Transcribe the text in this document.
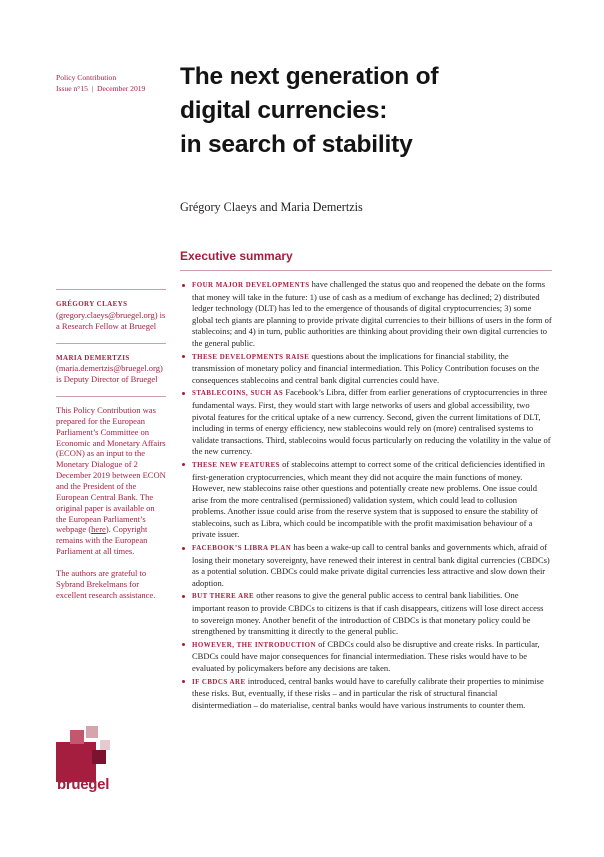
Policy Contribution
Issue n°15  |  December 2019 The next generation of
digital currencies:
in search of stability
Grégory Claeys and Maria Demertzis
Executive summary

GRÉGORY CLAEYS (gregory.claeys@bruegel.org) is a Research Fellow at Bruegel

MARIA DEMERTZIS (maria.demertzis@bruegel.org) is Deputy Director of Bruegel

This Policy Contribution was prepared for the European Parliament’s Committee on Economic and Monetary Affairs (ECON) as an input to the Monetary Dialogue of 2 December 2019 between ECON and the President of the European Central Bank. The original paper is available on the European Parliament’s webpage (here). Copyright remains with the European Parliament at all times.

The authors are grateful to Sybrand Brekelmans for excellent research assistance.

FOUR MAJOR DEVELOPMENTS have challenged the status quo and reopened the debate on the forms that money will take in the future: 1) use of cash as a medium of exchange has declined; 2) distributed ledger technology (DLT) has led to the emergence of thousands of digital cryptocurrencies; 3) some global tech giants are planning to provide private digital currencies to their billions of users in the form of stablecoins; and 4) in turn, public authorities are thinking about providing their own digital currencies to the general public.
THESE DEVELOPMENTS RAISE questions about the implications for financial stability, the transmission of monetary policy and financial intermediation. This Policy Contribution focuses on the consequences stablecoins and central bank digital currencies could have.
STABLECOINS, SUCH AS Facebook’s Libra, differ from earlier generations of cryptocurrencies in three fundamental ways. First, they would start with large networks of users and global accessibility, two pivotal features for the critical uptake of a new currency. Second, given the current limitations of DLT, including in terms of energy efficiency, new stablecoins would rely on (more) centralised systems to validate transactions. Third, stablecoins would focus particularly on reducing the volatility in the value of the new currency.
THESE NEW FEATURES of stablecoins attempt to correct some of the critical deficiencies identified in first-generation cryptocurrencies, which meant they did not acquire the main functions of money. However, new stablecoins raise other questions and potentially create new problems. One issue could arise from the more centralised (permissioned) validation system, which could lead to collusion problems. Another issue could arise from the reserve system that is supposed to ensure the stability of stablecoins, such as Libra, which could be incompatible with the profit maximisation behaviour of a private issuer.
FACEBOOK’S LIBRA PLAN has been a wake-up call to central banks and governments which, afraid of losing their monetary sovereignty, have renewed their interest in central bank digital currencies (CBDCs) as a potential solution. CBDCs could make private digital currencies less attractive and slow down their adoption.
BUT THERE ARE other reasons to give the general public access to central bank liabilities. One important reason to provide CBDCs to citizens is that if cash disappears, citizens will lose direct access to sovereign money. Another benefit of the introduction of CBDCs is that monetary policy could be strengthened by transmitting it directly to the general public.
HOWEVER, THE INTRODUCTION of CBDCs could also be disruptive and create risks. In particular, CBDCs could have major consequences for financial intermediation. These risks would have to be evaluated by policymakers before any decisions are taken.
IF CBDCS ARE introduced, central banks would have to carefully calibrate their properties to minimise these risks. But, eventually, if these risks – and in particular the risk of structural financial disintermediation – do materialise, central banks would have various instruments to counter them.
bruegel
